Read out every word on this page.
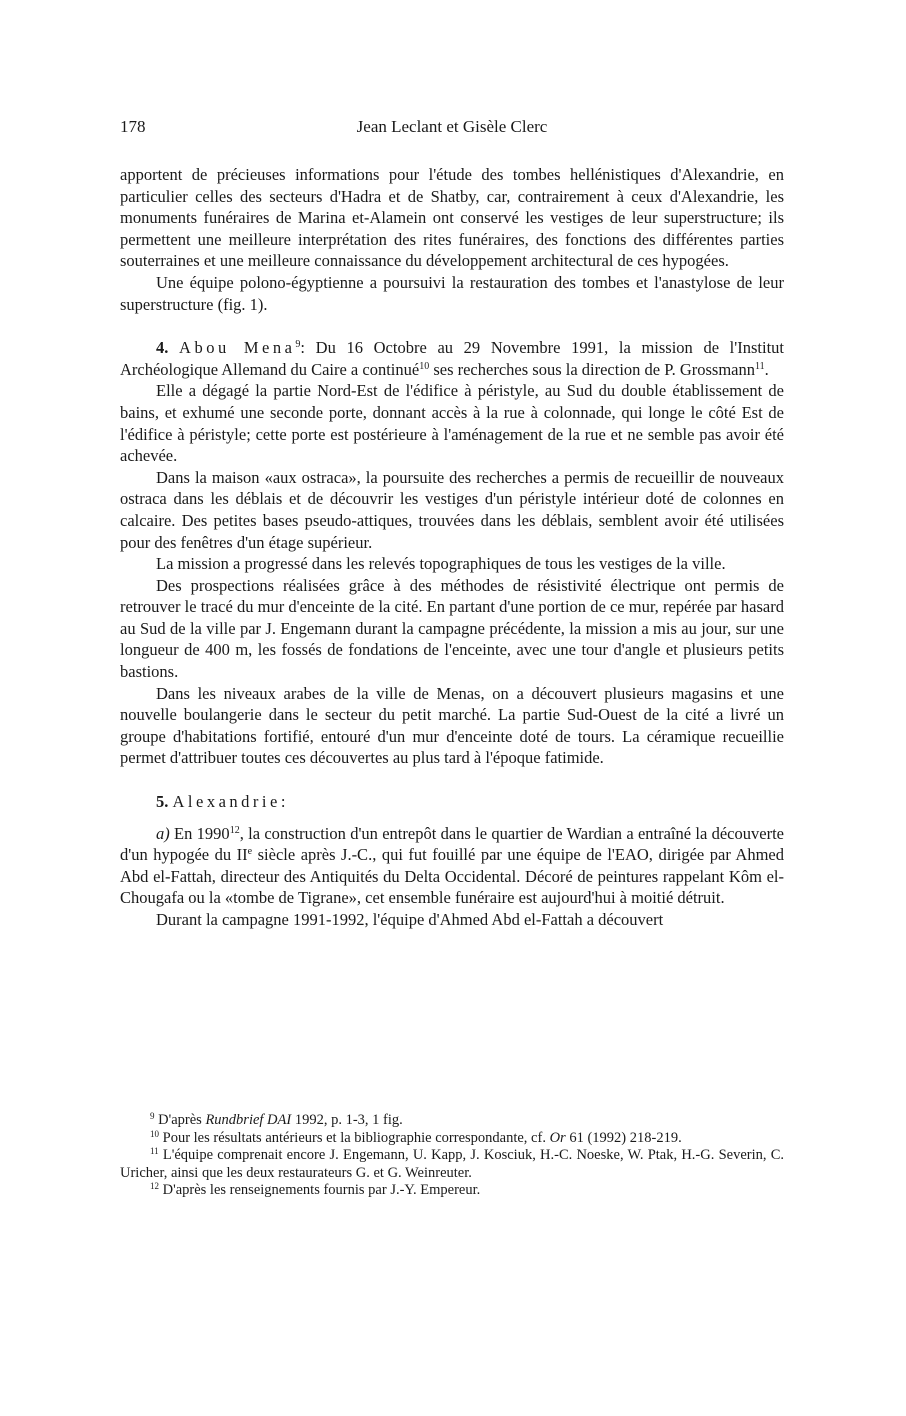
178	Jean Leclant et Gisèle Clerc

apportent de précieuses informations pour l'étude des tombes hellénistiques d'Alexandrie, en particulier celles des secteurs d'Hadra et de Shatby, car, contrairement à ceux d'Alexandrie, les monuments funéraires de Marina et-Alamein ont conservé les vestiges de leur superstructure; ils permettent une meilleure interprétation des rites funéraires, des fonctions des différentes parties souterraines et une meilleure connaissance du développement architectural de ces hypogées.

Une équipe polono-égyptienne a poursuivi la restauration des tombes et l'anastylose de leur superstructure (fig. 1).

4. Abou Mena$^9$: Du 16 Octobre au 29 Novembre 1991, la mission de l'Institut Archéologique Allemand du Caire a continué$^{10}$ ses recherches sous la direction de P. Grossmann$^{11}$.

Elle a dégagé la partie Nord-Est de l'édifice à péristyle, au Sud du double établissement de bains, et exhumé une seconde porte, donnant accès à la rue à colonnade, qui longe le côté Est de l'édifice à péristyle; cette porte est postérieure à l'aménagement de la rue et ne semble pas avoir été achevée.

Dans la maison «aux ostraca», la poursuite des recherches a permis de recueillir de nouveaux ostraca dans les déblais et de découvrir les vestiges d'un péristyle intérieur doté de colonnes en calcaire. Des petites bases pseudo-attiques, trouvées dans les déblais, semblent avoir été utilisées pour des fenêtres d'un étage supérieur.

La mission a progressé dans les relevés topographiques de tous les vestiges de la ville.

Des prospections réalisées grâce à des méthodes de résistivité électrique ont permis de retrouver le tracé du mur d'enceinte de la cité. En partant d'une portion de ce mur, repérée par hasard au Sud de la ville par J. Engemann durant la campagne précédente, la mission a mis au jour, sur une longueur de 400 m, les fossés de fondations de l'enceinte, avec une tour d'angle et plusieurs petits bastions.

Dans les niveaux arabes de la ville de Menas, on a découvert plusieurs magasins et une nouvelle boulangerie dans le secteur du petit marché. La partie Sud-Ouest de la cité a livré un groupe d'habitations fortifié, entouré d'un mur d'enceinte doté de tours. La céramique recueillie permet d'attribuer toutes ces découvertes au plus tard à l'époque fatimide.

5. Alexandrie:

a) En 1990$^{12}$, la construction d'un entrepôt dans le quartier de Wardian a entraîné la découverte d'un hypogée du IIe siècle après J.-C., qui fut fouillé par une équipe de l'EAO, dirigée par Ahmed Abd el-Fattah, directeur des Antiquités du Delta Occidental. Décoré de peintures rappelant Kôm el-Chougafa ou la «tombe de Tigrane», cet ensemble funéraire est aujourd'hui à moitié détruit.

Durant la campagne 1991-1992, l'équipe d'Ahmed Abd el-Fattah a découvert

$^9$ D'après Rundbrief DAI 1992, p. 1-3, 1 fig.

$^{10}$ Pour les résultats antérieurs et la bibliographie correspondante, cf. Or 61 (1992) 218-219.

$^{11}$ L'équipe comprenait encore J. Engemann, U. Kapp, J. Kosciuk, H.-C. Noeske, W. Ptak, H.-G. Severin, C. Uricher, ainsi que les deux restaurateurs G. et G. Weinreuter.

$^{12}$ D'après les renseignements fournis par J.-Y. Empereur.
